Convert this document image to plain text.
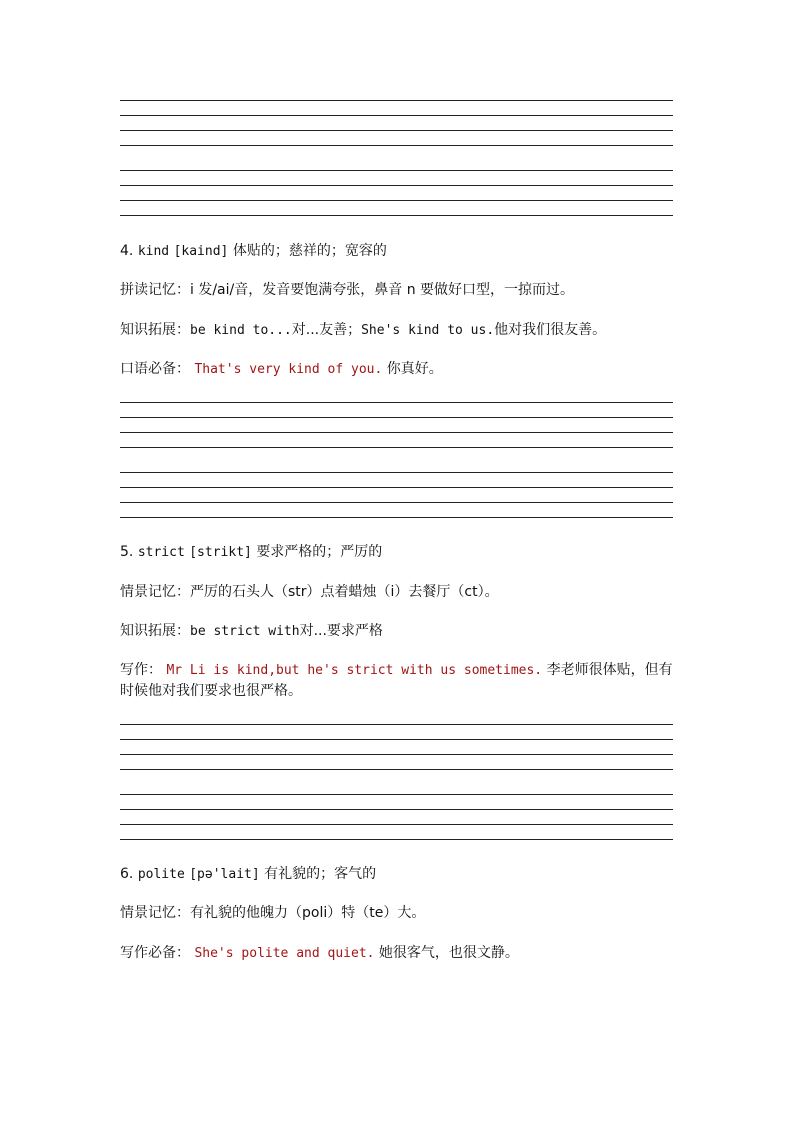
4. kind [kaind] 体贴的；慈祥的；宽容的
拼读记忆：i 发/ai/音，发音要饱满夸张，鼻音 n 要做好口型，一掠而过。
知识拓展：be kind to...对...友善；She's kind to us.他对我们很友善。
口语必备： That's very kind of you. 你真好。
5. strict [strikt] 要求严格的；严厉的
情景记忆：严厉的石头人（str）点着蜡烛（i）去餐厅（ct）。
知识拓展：be strict with对...要求严格
写作： Mr Li is kind,but he's strict with us sometimes. 李老师很体贴，但有时候他对我们要求也很严格。
6. polite [pə'lait] 有礼貌的；客气的
情景记忆：有礼貌的他魄力（poli）特（te）大。
写作必备： She's polite and quiet. 她很客气，也很文静。
